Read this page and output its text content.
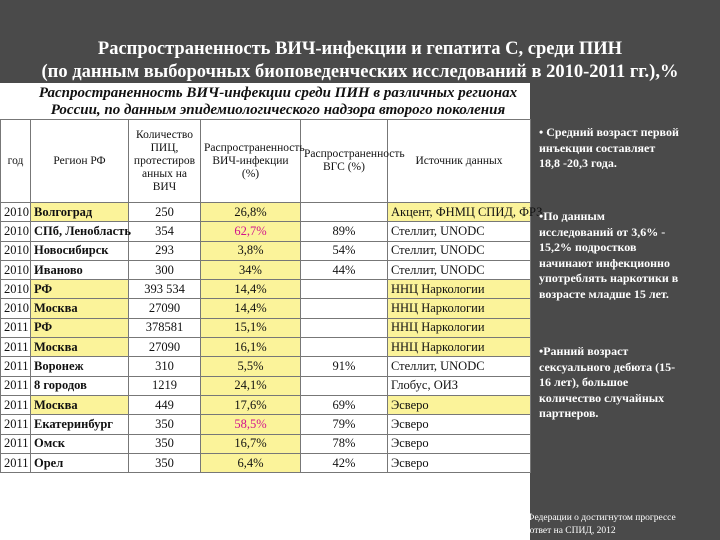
Распространенность ВИЧ-инфекции и гепатита С, среди ПИН
(по данным выборочных биоповеденческих исследований в 2010-2011 гг.),%
Распространенность ВИЧ-инфекции среди ПИН в различных регионах
России, по данным эпидемиологического надзора второго поколения
год	Регион РФ	Количество ПИЦ, протестиров анных на ВИЧ	Распространенность ВИЧ-инфекции (%)	Распространенность ВГС (%)	Источник данных
2010	Волгоград	250	26,8%		Акцент, ФНМЦ СПИД, ФРЗ
2010	СПб, Ленобласть	354	62,7%	89%	Стеллит, UNODC
2010	Новосибирск	293	3,8%	54%	Стеллит, UNODC
2010	Иваново	300	34%	44%	Стеллит, UNODC
2010	РФ	393 534	14,4%		ННЦ Наркологии
2010	Москва	27090	14,4%		ННЦ Наркологии
2011	РФ	378581	15,1%		ННЦ Наркологии
2011	Москва	27090	16,1%		ННЦ Наркологии
2011	Воронеж	310	5,5%	91%	Стеллит, UNODC
2011	8 городов	1219	24,1%		Глобус, ОИЗ
2011	Москва	449	17,6%	69%	Эсверо
2011	Екатеринбург	350	58,5%	79%	Эсверо
2011	Омск	350	16,7%	78%	Эсверо
2011	Орел	350	6,4%	42%	Эсверо
• Средний возраст первой инъекции составляет 18,8 -20,3 года.
•По данным исследований от 3,6% - 15,2% подростков начинают инфекционно употреблять наркотики в возрасте младше 15 лет.
•Ранний возраст сексуального дебюта (15-16 лет), большое количество случайных партнеров.
Национальный доклад Российской Федерации о достигнутом прогрессе
в осуществлении глобальных мер в ответ на СПИД, 2012
